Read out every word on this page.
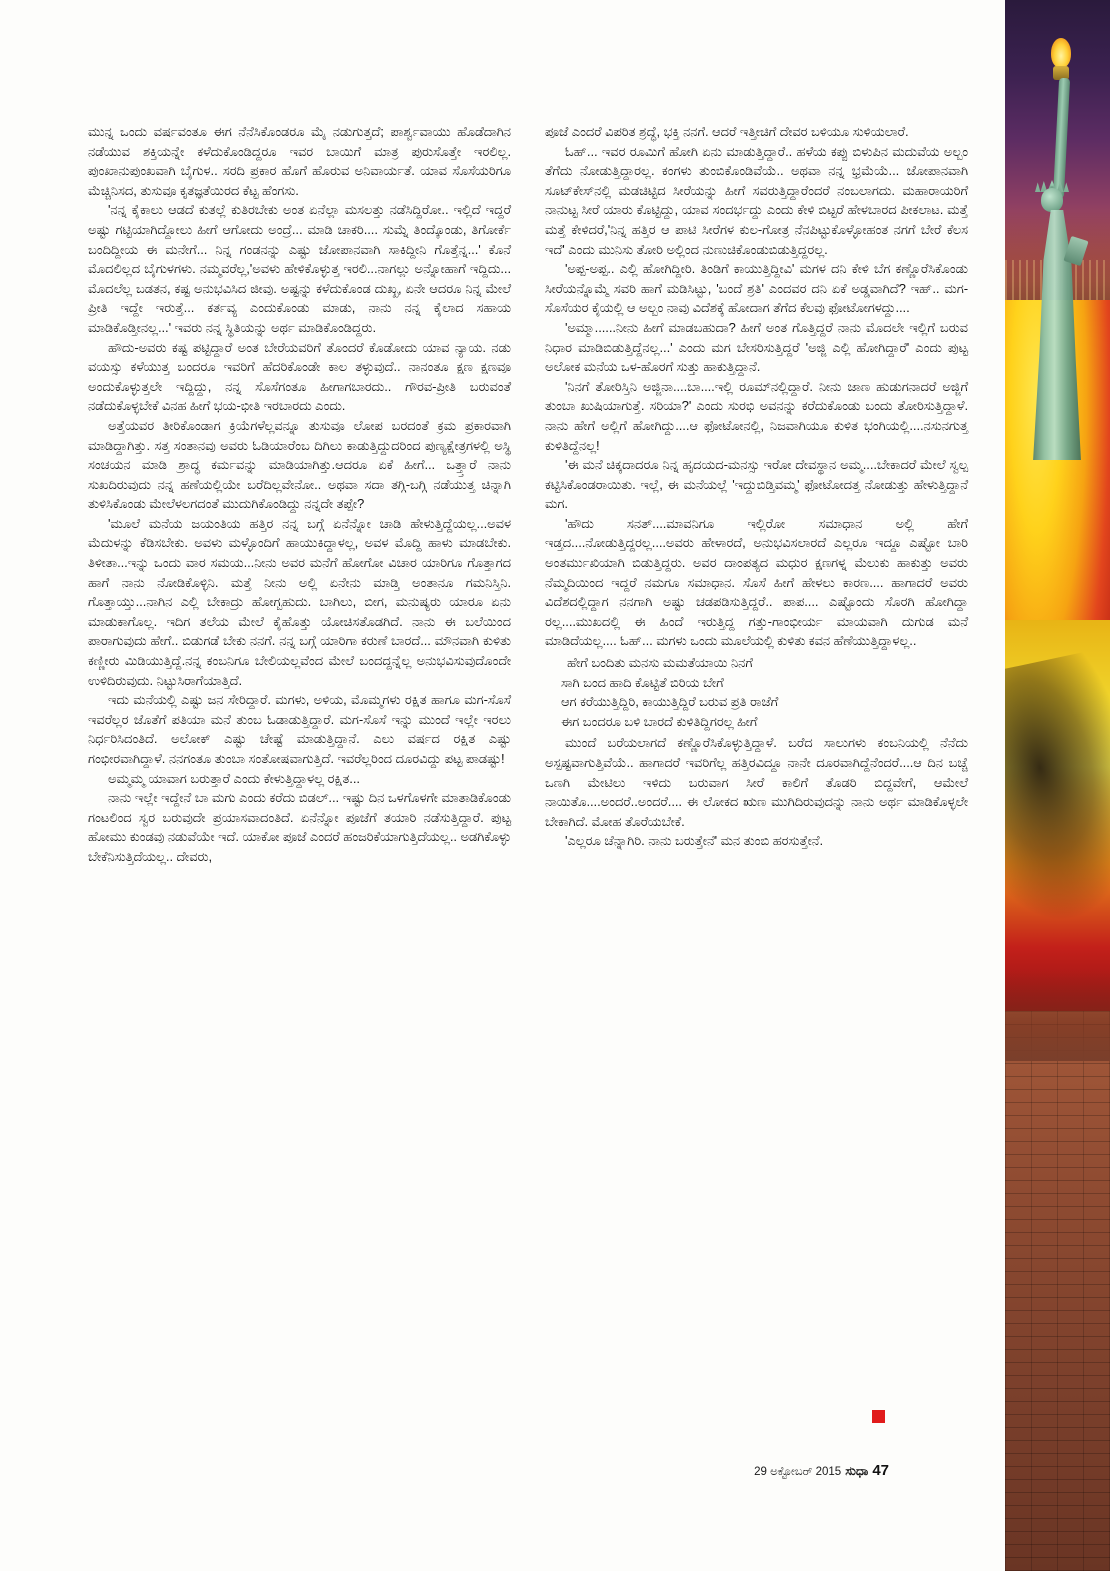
ಮುನ್ನ ಒಂದು ವರ್ಷವಂತೂ ಈಗ ನೆನೆಸಿಕೊಂಡರೂ ಮೈ ನಡುಗುತ್ತದೆ; ಪಾರ್ಶ್ವವಾಯು ಹೊಡೆದಾಗಿನ ನಡೆಯುವ ಶಕ್ತಿಯನ್ನೇ ಕಳೆದುಕೊಂಡಿದ್ದರೂ ಇವರ ಬಾಯಿಗೆ ಮಾತ್ರ ಪುರುಸೊತ್ತೇ ಇರಲಿಲ್ಲ. ಪುಂಖಾನುಪುಂಖವಾಗಿ ಬೈಗುಳ.. ಸರದಿ ಪ್ರಕಾರ ಹೊಗೆ ಹೊರುವ ಅನಿವಾರ್ಯತೆ. ಯಾವ ಸೊಸೆಯರಿಗೂ ಮೆಚ್ಚಿನಿಸದ, ತುಸುವೂ ಕೃತಜ್ಞತೆಯಿರದ ಕೆಟ್ಟ ಹೆಂಗಸು.

'ನನ್ನ ಕೈಕಾಲು ಆಡದೆ ಕುತಲ್ಲೆ ಕುತಿರಬೇಕು ಅಂತ ಏನೆಲ್ಲಾ ಮಸಲತ್ತು ನಡೆಸಿದ್ದಿರೋ.. ಇಲ್ಲಿದೆ ಇದ್ದರೆ ಅಷ್ಟು ಗಟ್ಟಿಯಾಗಿದ್ದೋಲು ಹೀಗೆ ಆಗೋದು ಅಂದ್ರೆ... ಮಾಡಿ ಚಾಕರಿ.... ಸುಮ್ನೆ ತಿಂದ್ಕೊಂಡು, ತಿಗೋರ್ಕೆ ಬಂದಿದ್ದೀಯ ಈ ಮನೇಗೆ... ನಿನ್ನ ಗಂಡನನ್ನು ಎಷ್ಟು ಜೋಪಾನವಾಗಿ ಸಾಕಿದ್ದೀನಿ ಗೊತ್ತೆನ್ನ...' ಕೊನೆ ಮೊದಲಿಲ್ಲದ ಬೈಗುಳಗಳು. ನಮ್ಮವರೆಲ್ಲ,'ಅವಳು ಹೇಳಿಕೊಳ್ಳುತ್ತ ಇರಲಿ...ನಾಗಲ್ಲು ಅನ್ನೋಹಾಗೆ ಇದ್ದಿದು... ಮೊದಲೆಲ್ಲ ಬಡತನ, ಕಷ್ಟ ಅನುಭವಿಸಿದ ಜೀವು. ಅಷ್ಟನ್ನು ಕಳೆದುಕೊಂಡ ದುಖ್ಖ, ಏನೇ ಆದರೂ ನಿನ್ನ ಮೇಲೆ ಪ್ರೀತಿ ಇದ್ದೇ ಇರುತ್ತೆ... ಕರ್ತವ್ಯ ಎಂದುಕೊಂಡು ಮಾಡು, ನಾನು ನನ್ನ ಕೈಲಾದ ಸಹಾಯ ಮಾಡಿಕೊಡ್ತೀನಲ್ಲ...' ಇವರು ನನ್ನ ಸ್ಥಿತಿಯನ್ನು ಅರ್ಥ ಮಾಡಿಕೊಂಡಿದ್ದರು.

ಹೌದು-ಅವರು ಕಷ್ಟ ಪಟ್ಟಿದ್ದಾರೆ ಅಂತ ಬೇರೆಯವರಿಗೆ ತೊಂದರೆ ಕೊಡೋದು ಯಾವ ನ್ಯಾಯ. ನಡು ವಯಸ್ಸು ಕಳೆಯುತ್ತ ಬಂದರೂ ಇವರಿಗೆ ಹೆದರಿಕೊಂಡೇ ಕಾಲ ತಳ್ಳುವುದೆ.. ನಾನಂತೂ ಕ್ಷಣ ಕ್ಷಣವೂ ಅಂದುಕೊಳ್ಳುತ್ತಲೇ ಇದ್ದಿದ್ದು, ನನ್ನ ಸೊಸೆಗಂತೂ ಹೀಗಾಗಬಾರದು.. ಗೌರವ-ಪ್ರೀತಿ ಬರುವಂತೆ ನಡೆದುಕೊಳ್ಳಬೇಕೆ ವಿನಹ ಹೀಗೆ ಭಯ-ಭೀತಿ ಇರಬಾರದು ಎಂದು.

ಅತ್ತೆಯವರ ತೀರಿಕೊಂಡಾಗ ಕ್ರಿಯೆಗಳೆಲ್ಲವನ್ನೂ ತುಸುವೂ ಲೋಪ ಬರದಂತೆ ಕ್ರಮ ಪ್ರಕಾರವಾಗಿ ಮಾಡಿದ್ದಾಗಿತ್ತು. ಸತ್ತ ಸಂತಾನವು ಅವರು ಓಡಿಯಾರೆಂಬ ದಿಗಿಲು ಕಾಡುತ್ತಿದ್ದುದರಿಂದ ಪುಣ್ಯಕ್ಷೇತ್ರಗಳಲ್ಲಿ ಅಸ್ಥಿ ಸಂಚಯನ ಮಾಡಿ ಶ್ರಾದ್ಧ ಕರ್ಮವನ್ನು ಮಾಡಿಯಾಗಿತ್ತು.ಆದರೂ ಏಕೆ ಹೀಗೆ... ಒತ್ತ್ತಾರೆ ನಾನು ಸುಖದಿರುವುದು ನನ್ನ ಹಣೆಯಲ್ಲಿಯೇ ಬರೆದಿಲ್ಲವೇನೋ.. ಅಥವಾ ಸದಾ ತಗ್ಗಿ-ಬಗ್ಗಿ ನಡೆಯುತ್ತ ಚಿನ್ನಾಗಿ ತುಳಿಸಿಕೊಂಡು ಮೇಲೆಳಲಗದಂತೆ ಮುದುಗಿಕೊಂಡಿದ್ದು ನನ್ನದೇ ತಪ್ಪೇ?

'ಮೂಲೆ ಮನೆಯ ಜಯಂತಿಯ ಹತ್ತಿರ ನನ್ನ ಬಗ್ಗೆ ಏನೆನ್ನೋ ಚಾಡಿ ಹೇಳುತ್ತಿದ್ದೆಯಲ್ಲ...ಅವಳ ಮೆದುಳನ್ನು ಕೆಡಿಸಬೇಕು. ಅವಳು ಮಳ್ಳೊಂದಿಗೆ ಹಾಯುಕಿದ್ದಾಳಲ್ಲ, ಅವಳ ಮೊದ್ದಿ ಹಾಳು ಮಾಡಬೇಕು. ತಿಳೀತಾ...ಇನ್ನು ಒಂದು ವಾರ ಸಮಯ...ನೀನು ಅವರ ಮನೆಗೆ ಹೋಗೋ ವಿಚಾರ ಯಾರಿಗೂ ಗೊತ್ತಾಗದ ಹಾಗೆ ನಾನು ನೋಡಿಕೊಳ್ಳಿನಿ. ಮತ್ತೆ ನೀನು ಅಲ್ಲಿ ಏನೇನು ಮಾಡ್ತಿ ಅಂತಾನೂ ಗಮನಿಸ್ತಿನಿ. ಗೊತ್ತಾಯ್ತು...ನಾಗಿನ ಎಲ್ಲಿ ಬೇಕಾದ್ರು ಹೋಗ್ಬಹುದು. ಬಾಗಿಲು, ಬೀಗ, ಮನುಷ್ಯರು ಯಾರೂ ಏನು ಮಾಡುಕಾಗೊಲ್ಲ. ಇದಿಗ ತಲೆಯ ಮೇಲೆ ಕೈಹೊತ್ತು ಯೋಚಿಸತೊಡಗಿದೆ. ನಾನು ಈ ಬಲೆಯಿಂದ ಪಾರಾಗುವುದು ಹೇಗೆ.. ಬಿಡುಗಡೆ ಬೇಕು ನನಗೆ. ನನ್ನ ಬಗ್ಗೆ ಯಾರಿಗಾ ಕರುಣೆ ಬಾರದೆ... ಮೌನವಾಗಿ ಕುಳಿತು ಕಣ್ಣೀರು ಮಿಡಿಯುತ್ತಿದ್ದೆ.ನನ್ನ ಕಂಬನಿಗೂ ಬೇಲಿಯಲ್ಲವೆಂದ ಮೇಲೆ ಬಂದದ್ದನ್ನೆಲ್ಲ ಅನುಭವಿಸುವುದೊಂದೇ ಉಳಿದಿರುವುದು. ನಿಟ್ಟುಸಿರಾಗೆಯಾತ್ತಿದೆ.

ಇದು ಮನೆಯಲ್ಲಿ ಎಷ್ಟು ಜನ ಸೇರಿದ್ದಾರೆ. ಮಗಳು, ಅಳಿಯ, ಮೊಮ್ಮಗಳು ರಕ್ಷಿತ ಹಾಗೂ ಮಗ-ಸೊಸೆ ಇವರೆಲ್ಲರ ಜೊತೆಗೆ ಪತಿಯಾ ಮನೆ ತುಂಬ ಓಡಾಡುತ್ತಿದ್ದಾರೆ. ಮಗ-ಸೊಸೆ ಇನ್ನು ಮುಂದೆ ಇಲ್ಲೇ ಇರಲು ನಿರ್ಧರಿಸಿದಂತಿದೆ. ಅಲೋಕ್ ಎಷ್ಟು ಚೇಷ್ಟೆ ಮಾಡುತ್ತಿದ್ದಾನೆ. ಎಲು ವರ್ಷದ ರಕ್ಷಿತ ಎಷ್ಟು ಗಂಭೀರವಾಗಿದ್ದಾಳೆ. ನನಗಂತೂ ತುಂಬಾ ಸಂತೋಷವಾಗುತ್ತಿದೆ. ಇವರೆಲ್ಲರಿಂದ ದೂರವಿದ್ದು ಪಟ್ಟ ಪಾಡಷ್ಟು!

ಅಮ್ಮಮ್ಮ ಯಾವಾಗ ಬರುತ್ತಾರೆ ಎಂದು ಕೇಳುತ್ತಿದ್ದಾಳಲ್ಲ ರಕ್ಷಿತ...

ನಾನು ಇಲ್ಲೇ ಇದ್ದೇನೆ ಬಾ ಮಗು ಎಂದು ಕರೆದು ಬಿಡಲ್... ಇಷ್ಟು ದಿನ ಒಳಗೊಳಗೇ ಮಾತಾಡಿಕೊಂಡು ಗಂಟಲಿಂದ ಸ್ವರ ಬರುವುದೇ ಪ್ರಯಾಸವಾದಂತಿದೆ. ಏನೆನ್ನೋ ಪೂಜೆಗೆ ತಯಾರಿ ನಡೆಸುತ್ತಿದ್ದಾರೆ. ಪುಟ್ಟ ಹೋಮು ಕುಂಡವು ನಡುವೆಯೇ ಇದೆ. ಯಾಕೋ ಪೂಜೆ ಎಂದರೆ ಹಂಜರಿಕೆಯಾಗುತ್ತಿದೆಯಲ್ಲ.. ಅಡಗಿಕೊಳ್ಳು ಬೇಕೆನಿಸುತ್ತಿದೆಯಲ್ಲ.. ದೇವರು,

ಪೂಜೆ ಎಂದರೆ ವಿಪರಿತ ಶ್ರದ್ಧೆ, ಭಕ್ತಿ ನನಗೆ. ಆದರೆ ಇತ್ತೀಚಿಗೆ ದೇವರ ಬಳಿಯೂ ಸುಳಿಯಲಾರೆ.

ಓಹ್... ಇವರ ರೂಮಿಗೆ ಹೋಗಿ ಏನು ಮಾಡುತ್ತಿದ್ದಾರೆ.. ಹಳೆಯ ಕಪ್ಪು ಬಿಳುಪಿನ ಮದುವೆಯ ಅಲ್ಬಂ ತೆಗೆದು ನೋಡುತ್ತಿದ್ದಾರಲ್ಲ. ಕಂಗಳು ತುಂಬಿಕೊಂಡಿವೆಯೆ.. ಅಥವಾ ನನ್ನ ಭ್ರಮೆಯೆ... ಜೋಪಾನವಾಗಿ ಸೂಟ್‌ಕೇಸ್‌ನಲ್ಲಿ ಮಡಚಿಟ್ಟಿದ ಸೀರೆಯನ್ನು ಹೀಗೆ ಸವರುತ್ತಿದ್ದಾರೆಂದರೆ ನಂಬಲಾಗದು. ಮಹಾರಾಯರಿಗೆ ನಾನುಟ್ಟ ಸೀರೆ ಯಾರು ಕೊಟ್ಟಿದ್ದು, ಯಾವ ಸಂದರ್ಭದ್ದು ಎಂದು ಕೇಳಿ ಬಿಟ್ಟರೆ ಹೇಳಬಾರದ ಪೀಕಲಾಟ. ಮತ್ತೆ ಮತ್ತೆ ಕೇಳಿದರೆ,'ನಿನ್ನ ಹತ್ತಿರ ಆ ಪಾಟಿ ಸೀರೆಗಳ ಕುಲ-ಗೋತ್ರ ನೆನಪಿಟ್ಟುಕೊಳ್ಳೋಹಂತ ನಗಗೆ ಬೇರೆ ಕೆಲಸ ಇದೆ' ಎಂದು ಮುನಿಸು ತೋರಿ ಅಲ್ಲಿಂದ ನುಣುಚಿಕೊಂಡುಬಿಡುತ್ತಿದ್ದರಲ್ಲ.

'ಅಪ್ಪ-ಅಪ್ಪ.. ಎಲ್ಲಿ ಹೋಗಿದ್ದೀರಿ. ತಿಂಡಿಗೆ ಕಾಯುತ್ತಿದ್ದೀವಿ' ಮಗಳ ದನಿ ಕೇಳಿ ಬೆಗ ಕಣ್ಣೊರೆಸಿಕೊಂಡು ಸೀರೆಯನ್ನೊಮ್ಮೆ ಸವರಿ ಹಾಗೆ ಮಡಿಸಿಟ್ಟು, 'ಬಂದೆ ಶ್ರತಿ' ಎಂದವರ ದನಿ ಏಕೆ ಅಡ್ಡವಾಗಿದೆ? ಇಹ್.. ಮಗ-ಸೊಸೆಯರ ಕೈಯಲ್ಲಿ ಆ ಅಲ್ಬಂ ನಾವು ವಿದೆಶಕ್ಕೆ ಹೋದಾಗ ತೆಗೆದ ಕೆಲವು ಫೋಟೋಗಳದ್ದು....

'ಅಮ್ಮಾ......ನೀನು ಹೀಗೆ ಮಾಡಬಹುದಾ? ಹೀಗೆ ಅಂತ ಗೊತ್ತಿದ್ದರೆ ನಾನು ಮೊದಲೇ ಇಲ್ಲಿಗೆ ಬರುವ ನಿಧಾರ ಮಾಡಿಬಿಡುತ್ತಿದ್ದೆನಲ್ಲ...' ಎಂದು ಮಗ ಬೇಸರಿಸುತ್ತಿದ್ದರೆ 'ಅಜ್ಜಿ ಎಲ್ಲಿ ಹೋಗಿದ್ದಾರೆ' ಎಂದು ಪುಟ್ಟ ಅಲೋಕ ಮನೆಯ ಒಳ-ಹೊರಗೆ ಸುತ್ತು ಹಾಕುತ್ತಿದ್ದಾನೆ.

'ನಿನಗೆ ತೋರಿಸ್ತಿನಿ ಅಜ್ಜಿನಾ....ಬಾ....ಇಲ್ಲಿ ರೂಮ್‌ನಲ್ಲಿದ್ದಾರೆ. ನೀನು ಜಾಣ ಹುಡುಗನಾದರೆ ಅಜ್ಜಿಗೆ ತುಂಬಾ ಖುಷಿಯಾಗುತ್ತೆ. ಸರಿಯಾ?' ಎಂದು ಸುರಭಿ ಅವನನ್ನು ಕರೆದುಕೊಂಡು ಬಂದು ತೋರಿಸುತ್ತಿದ್ದಾಳೆ. ನಾನು ಹೇಗೆ ಅಲ್ಲಿಗೆ ಹೋಗಿದ್ದು....ಆ ಫೋಟೋನಲ್ಲಿ, ನಿಜವಾಗಿಯೂ ಕುಳಿತ ಭಂಗಿಯಲ್ಲಿ....ನಸುನಗುತ್ತ ಕುಳಿತಿದ್ದೆನಲ್ಲ!

'ಈ ಮನೆ ಚಿಕ್ಕದಾದರೂ ನಿನ್ನ ಹೃದಯದ-ಮನಸ್ಸು ಇರೋ ದೇವಸ್ಥಾನ ಅಮ್ಮ....ಬೇಕಾದರೆ ಮೇಲೆ ಸ್ವಲ್ಪ ಕಟ್ಟಿಸಿಕೊಂಡರಾಯಿತು. ಇಲ್ಲೆ, ಈ ಮನೆಯಲ್ಲೆ 'ಇದ್ದುಬಿಡ್ತಿವಮ್ಮ' ಫೋಟೋದತ್ತ ನೋಡುತ್ತು ಹೇಳುತ್ತಿದ್ದಾನೆ ಮಗ.

'ಹೌದು ಸನತ್....ಮಾವನಿಗೂ ಇಲ್ಲಿರೋ ಸಮಾಧಾನ ಅಲ್ಲಿ ಹೇಗೆ ಇಡ್ತದ....ನೋಡುತ್ತಿದ್ದರಲ್ಲ....ಅವರು ಹೇಳಾರದೆ, ಅನುಭವಿಸಲಾರದೆ ಎಲ್ಲರೂ ಇದ್ದೂ ಎಷ್ಟೋ ಬಾರಿ ಅಂತರ್ಮುಖಿಯಾಗಿ ಬಿಡುತ್ತಿದ್ದರು. ಅವರ ದಾಂಪತ್ಯದ ಮಧುರ ಕ್ಷಣಗಳ್ನ ಮೆಲುಕು ಹಾಕುತ್ತು ಅವರು ನೆಮ್ಮದಿಯಿಂದ ಇದ್ದರೆ ನಮಗೂ ಸಮಾಧಾನ. ಸೊಸೆ ಹೀಗೆ ಹೇಳಲು ಕಾರಣ.... ಹಾಗಾದರೆ ಅವರು ವಿದೆಶದಲ್ಲಿದ್ದಾಗ ನನಗಾಗಿ ಅಷ್ಟು ಚಡಪಡಿಸುತ್ತಿದ್ದರೆ.. ಪಾಪ.... ಎಷ್ಟೊಂದು ಸೊರಗಿ ಹೋಗಿದ್ದಾ ರಲ್ಲ....ಮುಖದಲ್ಲಿ ಈ ಹಿಂದೆ ಇರುತ್ತಿದ್ದ ಗತ್ತು-ಗಾಂಭೀರ್ಯ ಮಾಯವಾಗಿ ದುಗುಡ ಮನೆ ಮಾಡಿದೆಯಲ್ಲ.... ಓಹ್... ಮಗಳು ಒಂದು ಮೂಲೆಯಲ್ಲಿ ಕುಳಿತು ಕವನ ಹೆಣೆಯುತ್ತಿದ್ದಾಳಲ್ಲ..

ಹೇಗೆ ಬಂದಿತು ಮನಸು ಮಮತೆಯಾಯಿ ನಿನಗೆ

ಸಾಗಿ ಬಂದ ಹಾದಿ ಕೊಟ್ಟಿತೆ ಬಿರಿಯ ಬೇಗೆ

ಆಗ ಕರೆಯುತ್ತಿದ್ದಿರಿ, ಕಾಯುತ್ತಿದ್ದಿರೆ ಬರುವ ಪ್ರತಿ ರಾಜೆಗೆ

ಈಗ ಬಂದರೂ ಬಳಿ ಬಾರದೆ ಕುಳಿತಿದ್ದಿಗರಲ್ಲ ಹೀಗೆ

ಮುಂದೆ ಬರೆಯಲಾಗದೆ ಕಣ್ಣೊರೆಸಿಕೊಳ್ಳುತ್ತಿದ್ದಾಳೆ. ಬರೆದ ಸಾಲುಗಳು ಕಂಬನಿಯಲ್ಲಿ ನೆನೆದು ಅಸ್ಪಷ್ಟವಾಗುತ್ತಿವೆಯೆ.. ಹಾಗಾದರೆ ಇವರಿಗೆಲ್ಲ ಹತ್ತಿರವಿದ್ದೂ ನಾನೇ ದೂರವಾಗಿದ್ದೆನೆಂದರೆ....ಆ ದಿನ ಬಚ್ಚೆ ಒಣಗಿ ಮೇಟಿಲು ಇಳಿದು ಬರುವಾಗ ಸೀರೆ ಕಾಲಿಗೆ ತೊಡರಿ ಬಿದ್ದವೇಗೆ, ಆಮೇಲೆ ನಾಯಿತೊ....ಅಂದರೆ..ಅಂದರೆ.... ಈ ಲೋಕದ ಋಣ ಮುಗಿದಿರುವುದನ್ನು ನಾನು ಅರ್ಥ ಮಾಡಿಕೊಳ್ಳಲೇ ಬೇಕಾಗಿದೆ. ಮೋಹ ತೊರೆಯಬೇಕೆ.

'ಎಲ್ಲರೂ ಚೆನ್ನಾಗಿರಿ. ನಾನು ಬರುತ್ತೇನೆ' ಮನ ತುಂಬಿ ಹರಸುತ್ತೇನೆ.

29 ಅಕ್ಟೋಬರ್ 2015 ಸುಧಾ 47
